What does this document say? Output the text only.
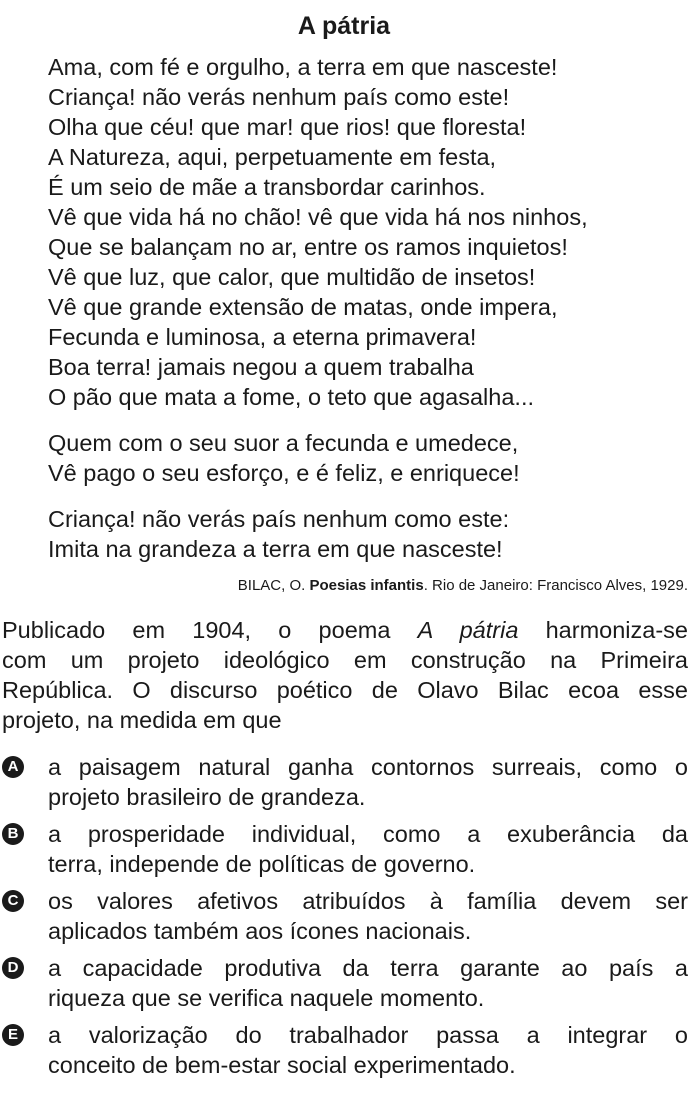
A pátria
Ama, com fé e orgulho, a terra em que nasceste!
Criança! não verás nenhum país como este!
Olha que céu! que mar! que rios! que floresta!
A Natureza, aqui, perpetuamente em festa,
É um seio de mãe a transbordar carinhos.
Vê que vida há no chão! vê que vida há nos ninhos,
Que se balançam no ar, entre os ramos inquietos!
Vê que luz, que calor, que multidão de insetos!
Vê que grande extensão de matas, onde impera,
Fecunda e luminosa, a eterna primavera!
Boa terra! jamais negou a quem trabalha
O pão que mata a fome, o teto que agasalha...
Quem com o seu suor a fecunda e umedece,
Vê pago o seu esforço, e é feliz, e enriquece!
Criança! não verás país nenhum como este:
Imita na grandeza a terra em que nasceste!
BILAC, O. Poesias infantis. Rio de Janeiro: Francisco Alves, 1929.
Publicado em 1904, o poema A pátria harmoniza-se
com um projeto ideológico em construção na Primeira
República. O discurso poético de Olavo Bilac ecoa esse
projeto, na medida em que
A a paisagem natural ganha contornos surreais, como o
projeto brasileiro de grandeza.
B a prosperidade individual, como a exuberância da
terra, independe de políticas de governo.
C os valores afetivos atribuídos à família devem ser
aplicados também aos ícones nacionais.
D a capacidade produtiva da terra garante ao país a
riqueza que se verifica naquele momento.
E a valorização do trabalhador passa a integrar o
conceito de bem-estar social experimentado.
